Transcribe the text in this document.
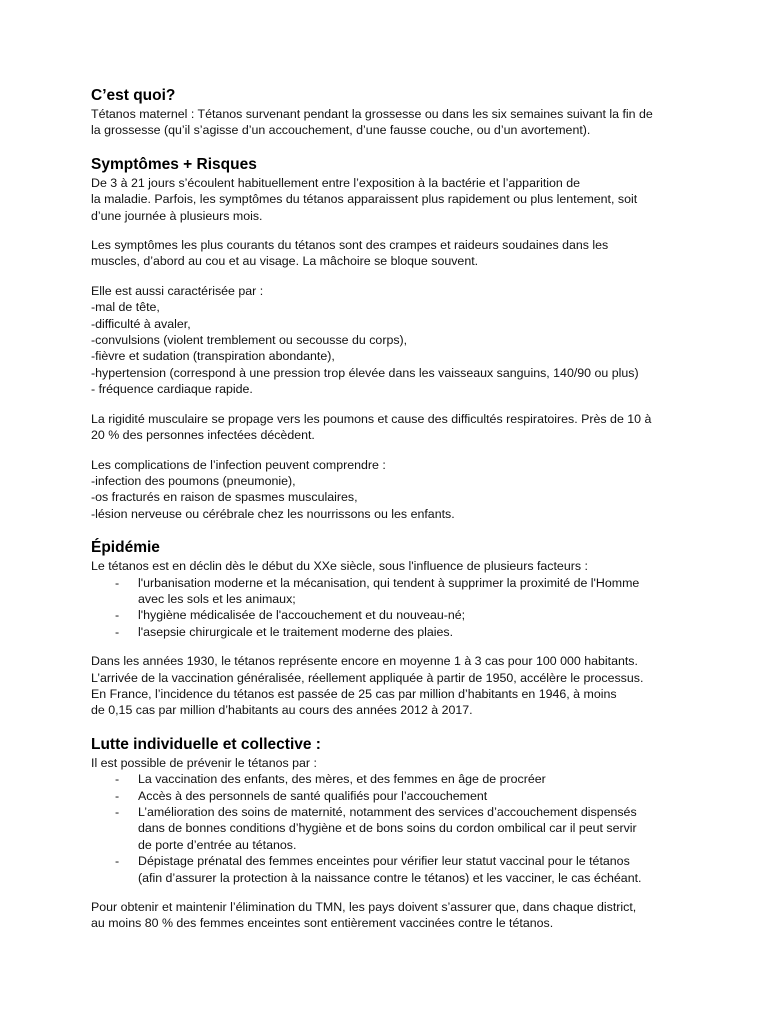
C’est quoi?

Tétanos maternel : Tétanos survenant pendant la grossesse ou dans les six semaines suivant la fin de
la grossesse (qu’il s’agisse d’un accouchement, d’une fausse couche, ou d’un avortement).

Symptômes + Risques

De 3 à 21 jours s’écoulent habituellement entre l’exposition à la bactérie et l’apparition de
la maladie. Parfois, les symptômes du tétanos apparaissent plus rapidement ou plus lentement, soit
d’une journée à plusieurs mois.

Les symptômes les plus courants du tétanos sont des crampes et raideurs soudaines dans les
muscles, d’abord au cou et au visage. La mâchoire se bloque souvent.

Elle est aussi caractérisée par :
-mal de tête,
-difficulté à avaler,
-convulsions (violent tremblement ou secousse du corps),
-fièvre et sudation (transpiration abondante),
-hypertension (correspond à une pression trop élevée dans les vaisseaux sanguins, 140/90 ou plus)
- fréquence cardiaque rapide.

La rigidité musculaire se propage vers les poumons et cause des difficultés respiratoires. Près de 10 à
20 % des personnes infectées décèdent.

Les complications de l’infection peuvent comprendre :
-infection des poumons (pneumonie),
-os fracturés en raison de spasmes musculaires,
-lésion nerveuse ou cérébrale chez les nourrissons ou les enfants.

Épidémie

Le tétanos est en déclin dès le début du XXe siècle, sous l'influence de plusieurs facteurs :

- l'urbanisation moderne et la mécanisation, qui tendent à supprimer la proximité de l'Homme
avec les sols et les animaux;
- l'hygiène médicalisée de l'accouchement et du nouveau-né;
- l'asepsie chirurgicale et le traitement moderne des plaies.

Dans les années 1930, le tétanos représente encore en moyenne 1 à 3 cas pour 100 000 habitants.
L’arrivée de la vaccination généralisée, réellement appliquée à partir de 1950, accélère le processus.
En France, l’incidence du tétanos est passée de 25 cas par million d’habitants en 1946, à moins
de 0,15 cas par million d’habitants au cours des années 2012 à 2017.

Lutte individuelle et collective :

Il est possible de prévenir le tétanos par :

- La vaccination des enfants, des mères, et des femmes en âge de procréer
- Accès à des personnels de santé qualifiés pour l’accouchement
- L’amélioration des soins de maternité, notamment des services d’accouchement dispensés
dans de bonnes conditions d’hygiène et de bons soins du cordon ombilical car il peut servir
de porte d’entrée au tétanos.
- Dépistage prénatal des femmes enceintes pour vérifier leur statut vaccinal pour le tétanos
(afin d’assurer la protection à la naissance contre le tétanos) et les vacciner, le cas échéant.

Pour obtenir et maintenir l’élimination du TMN, les pays doivent s’assurer que, dans chaque district,
au moins 80 % des femmes enceintes sont entièrement vaccinées contre le tétanos.
